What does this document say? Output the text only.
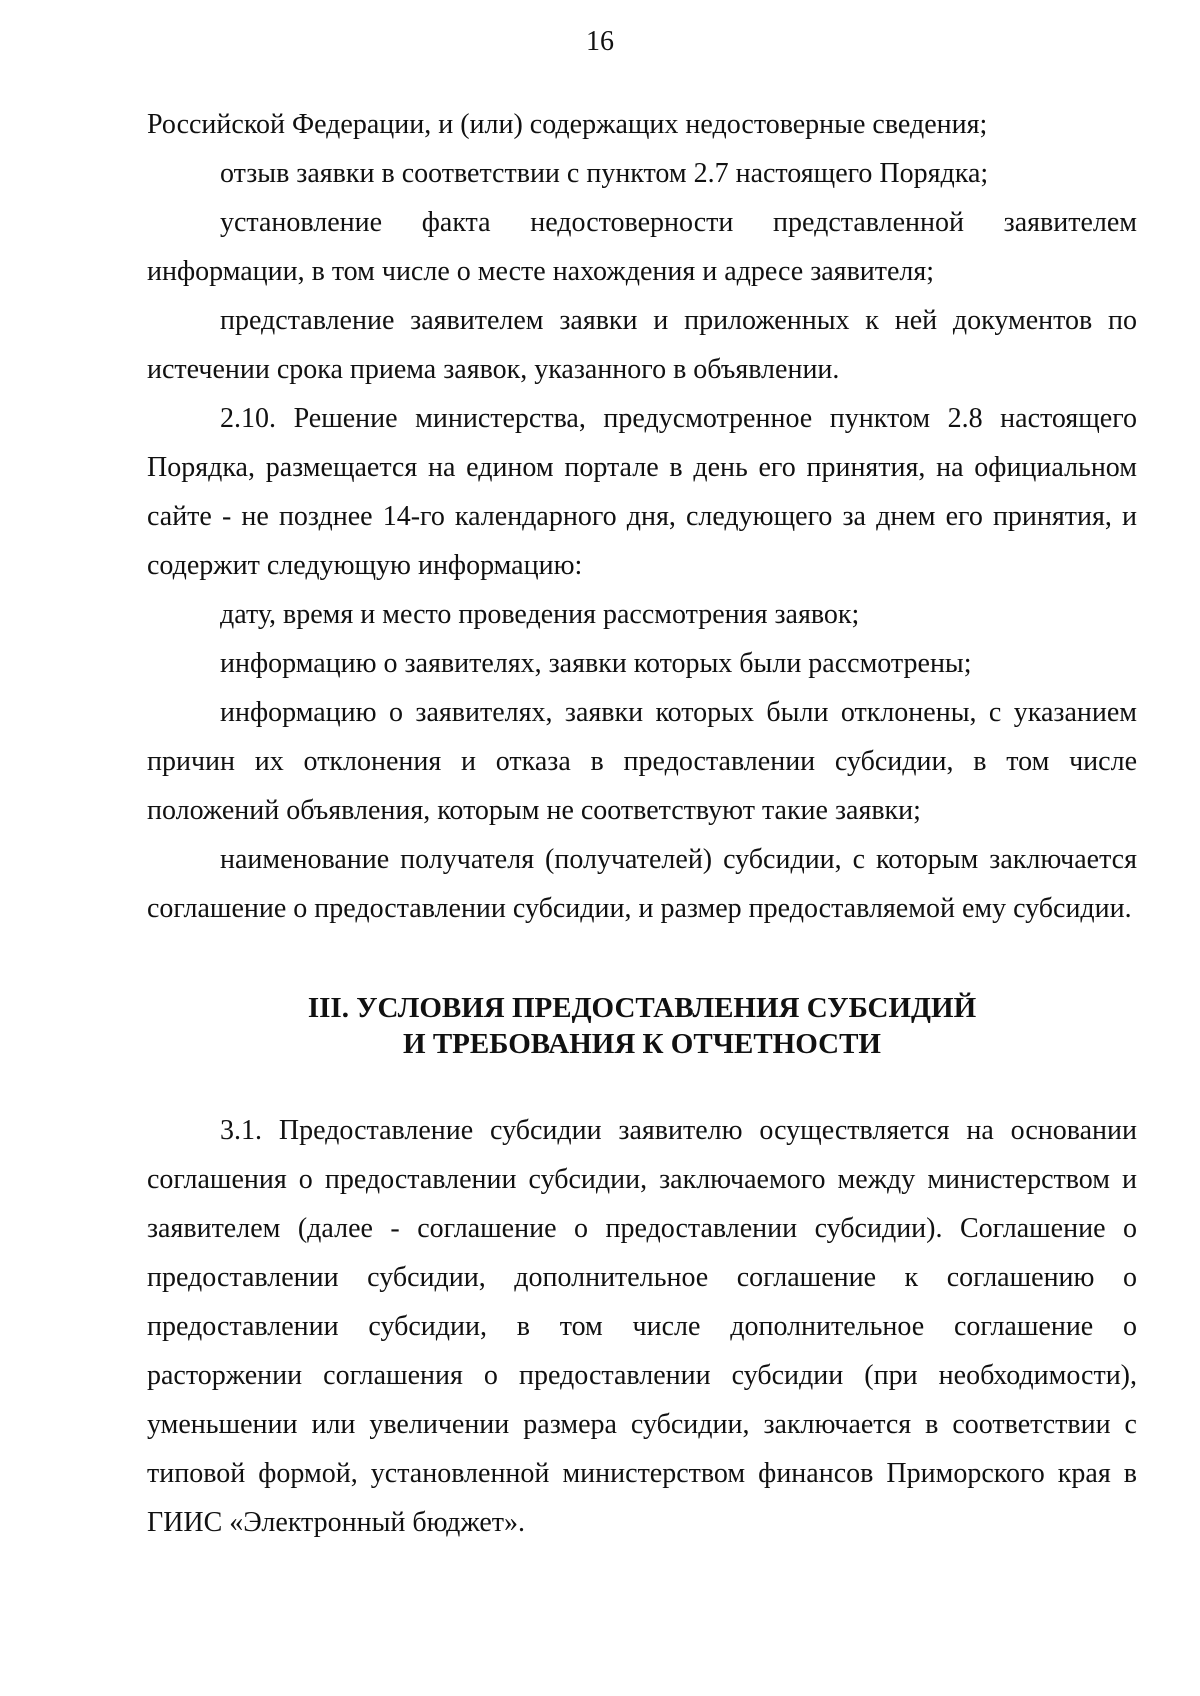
16

Российской Федерации, и (или) содержащих недостоверные сведения;

отзыв заявки в соответствии с пунктом 2.7 настоящего Порядка;

установление факта недостоверности представленной заявителем информации, в том числе о месте нахождения и адресе заявителя;

представление заявителем заявки и приложенных к ней документов по истечении срока приема заявок, указанного в объявлении.

2.10. Решение министерства, предусмотренное пунктом 2.8 настоящего Порядка, размещается на едином портале в день его принятия, на официальном сайте - не позднее 14-го календарного дня, следующего за днем его принятия, и содержит следующую информацию:

дату, время и место проведения рассмотрения заявок;

информацию о заявителях, заявки которых были рассмотрены;

информацию о заявителях, заявки которых были отклонены, с указанием причин их отклонения и отказа в предоставлении субсидии, в том числе положений объявления, которым не соответствуют такие заявки;

наименование получателя (получателей) субсидии, с которым заключается соглашение о предоставлении субсидии, и размер предоставляемой ему субсидии.

III. УСЛОВИЯ ПРЕДОСТАВЛЕНИЯ СУБСИДИЙ
И ТРЕБОВАНИЯ К ОТЧЕТНОСТИ

3.1. Предоставление субсидии заявителю осуществляется на основании соглашения о предоставлении субсидии, заключаемого между министерством и заявителем (далее - соглашение о предоставлении субсидии). Соглашение о предоставлении субсидии, дополнительное соглашение к соглашению о предоставлении субсидии, в том числе дополнительное соглашение о расторжении соглашения о предоставлении субсидии (при необходимости), уменьшении или увеличении размера субсидии, заключается в соответствии с типовой формой, установленной министерством финансов Приморского края в ГИИС «Электронный бюджет».
